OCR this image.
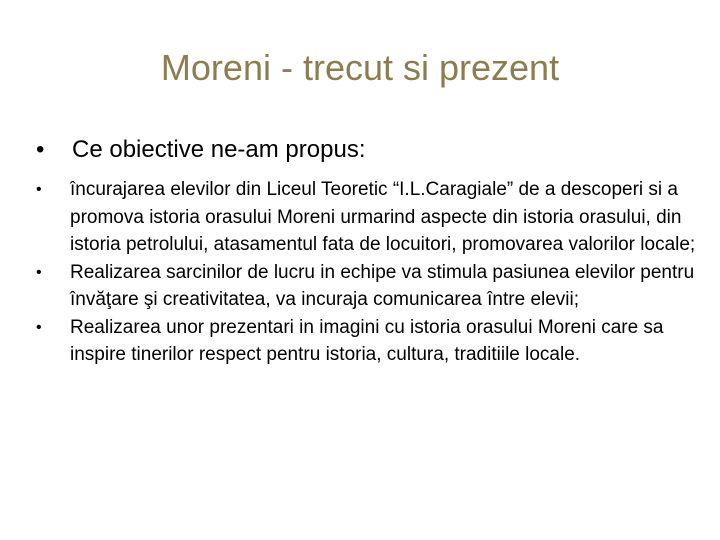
Moreni - trecut si prezent
•	Ce obiective ne-am propus:
•	încurajarea elevilor din Liceul Teoretic “I.L.Caragiale” de a descoperi si a promova istoria orasului Moreni urmarind aspecte din istoria orasului, din istoria petrolului, atasamentul fata de locuitori, promovarea valorilor locale;
•	Realizarea sarcinilor de lucru in echipe va stimula pasiunea elevilor pentru învăţare şi creativitatea, va incuraja comunicarea între elevii;
•	Realizarea unor prezentari in imagini cu istoria orasului Moreni care sa inspire tinerilor respect pentru istoria, cultura, traditiile locale.
